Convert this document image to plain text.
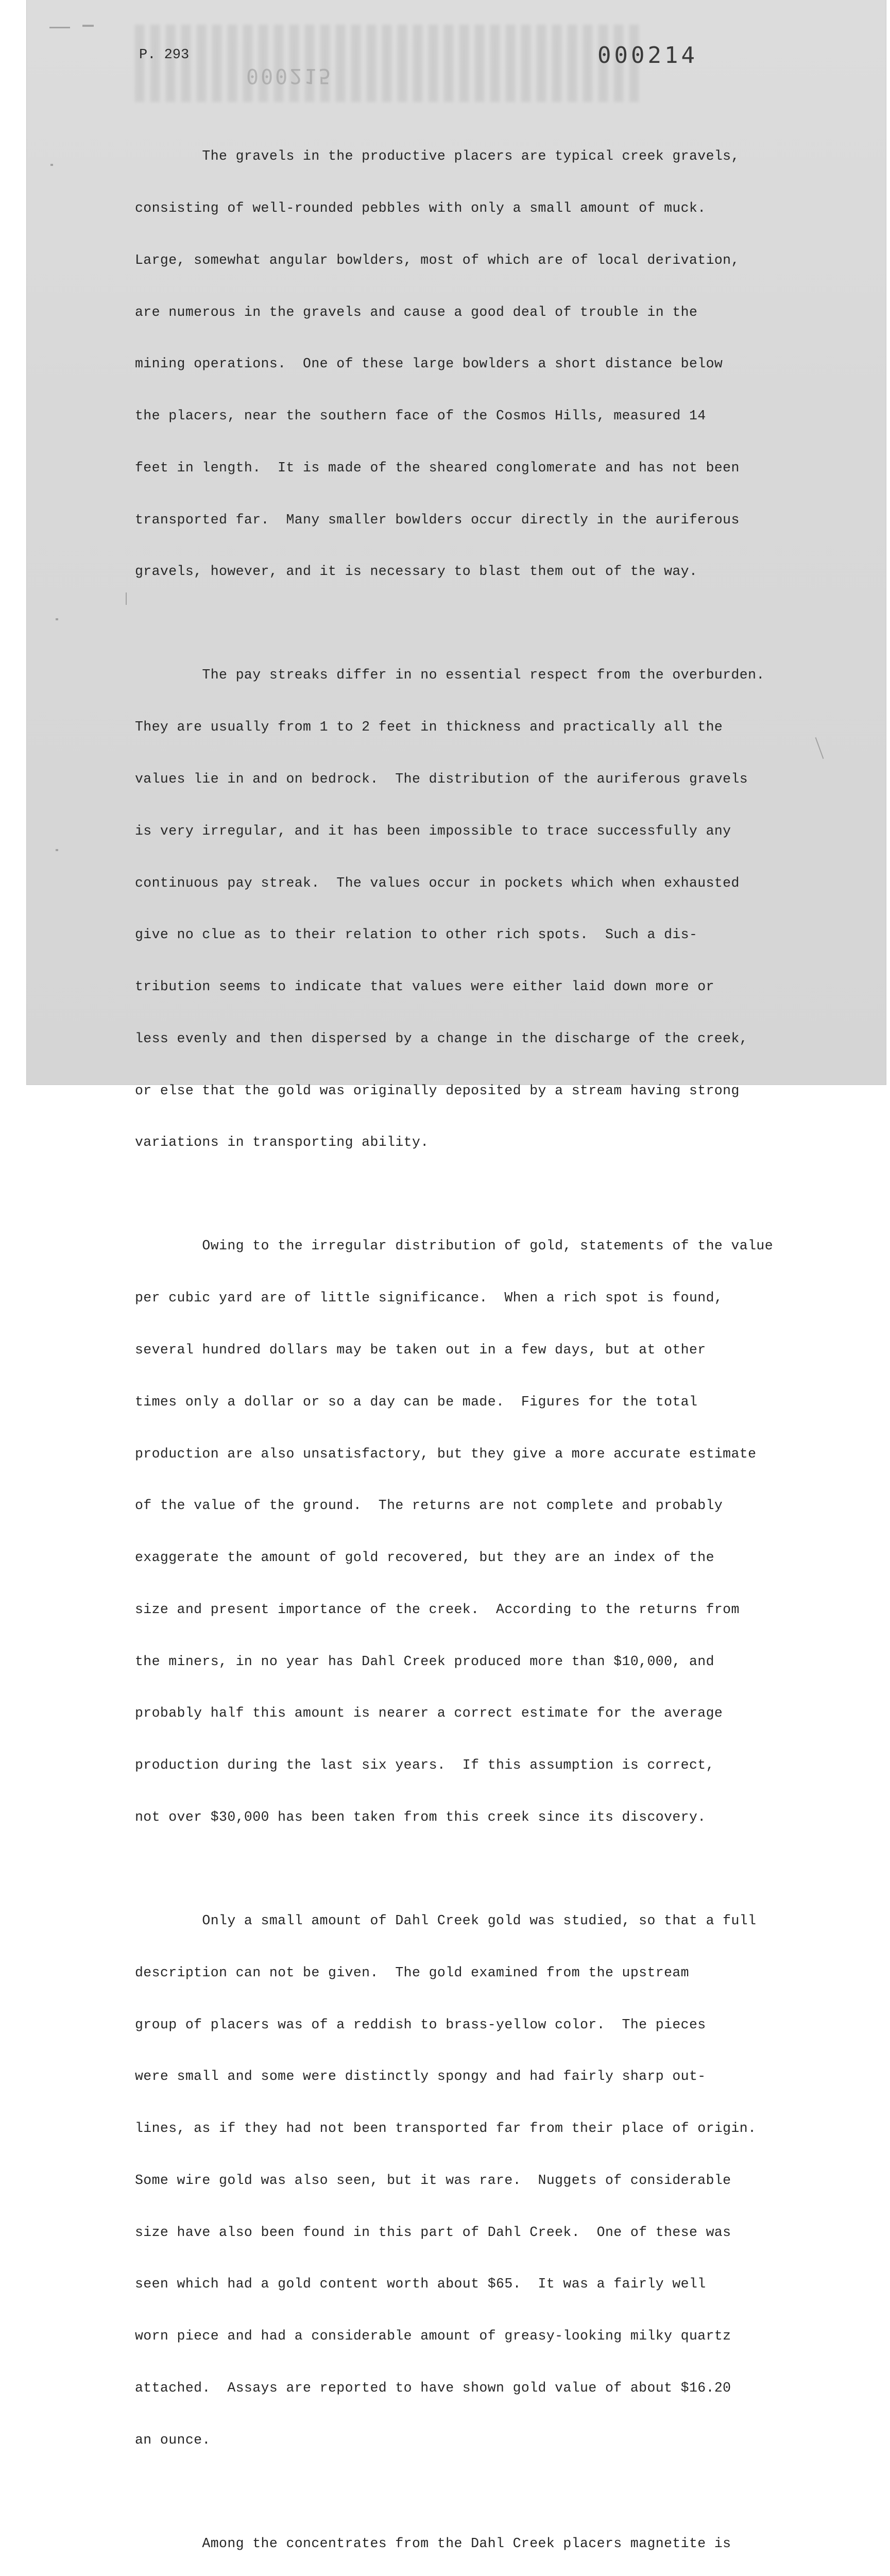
000215
P. 293	000214

The gravels in the productive placers are typical creek gravels,

consisting of well-rounded pebbles with only a small amount of muck.

Large, somewhat angular bowlders, most of which are of local derivation,

are numerous in the gravels and cause a good deal of trouble in the

mining operations.  One of these large bowlders a short distance below

the placers, near the southern face of the Cosmos Hills, measured 14

feet in length.  It is made of the sheared conglomerate and has not been

transported far.  Many smaller bowlders occur directly in the auriferous

gravels, however, and it is necessary to blast them out of the way.

The pay streaks differ in no essential respect from the overburden.

They are usually from 1 to 2 feet in thickness and practically all the

values lie in and on bedrock.  The distribution of the auriferous gravels

is very irregular, and it has been impossible to trace successfully any

continuous pay streak.  The values occur in pockets which when exhausted

give no clue as to their relation to other rich spots.  Such a dis-

tribution seems to indicate that values were either laid down more or

less evenly and then dispersed by a change in the discharge of the creek,

or else that the gold was originally deposited by a stream having strong

variations in transporting ability.

Owing to the irregular distribution of gold, statements of the value

per cubic yard are of little significance.  When a rich spot is found,

several hundred dollars may be taken out in a few days, but at other

times only a dollar or so a day can be made.  Figures for the total

production are also unsatisfactory, but they give a more accurate estimate

of the value of the ground.  The returns are not complete and probably

exaggerate the amount of gold recovered, but they are an index of the

size and present importance of the creek.  According to the returns from

the miners, in no year has Dahl Creek produced more than $10,000, and

probably half this amount is nearer a correct estimate for the average

production during the last six years.  If this assumption is correct,

not over $30,000 has been taken from this creek since its discovery.

Only a small amount of Dahl Creek gold was studied, so that a full

description can not be given.  The gold examined from the upstream

group of placers was of a reddish to brass-yellow color.  The pieces

were small and some were distinctly spongy and had fairly sharp out-

lines, as if they had not been transported far from their place of origin.

Some wire gold was also seen, but it was rare.  Nuggets of considerable

size have also been found in this part of Dahl Creek.  One of these was

seen which had a gold content worth about $65.  It was a fairly well

worn piece and had a considerable amount of greasy-looking milky quartz

attached.  Assays are reported to have shown gold value of about $16.20

an ounce.

Among the concentrates from the Dahl Creek placers magnetite is
